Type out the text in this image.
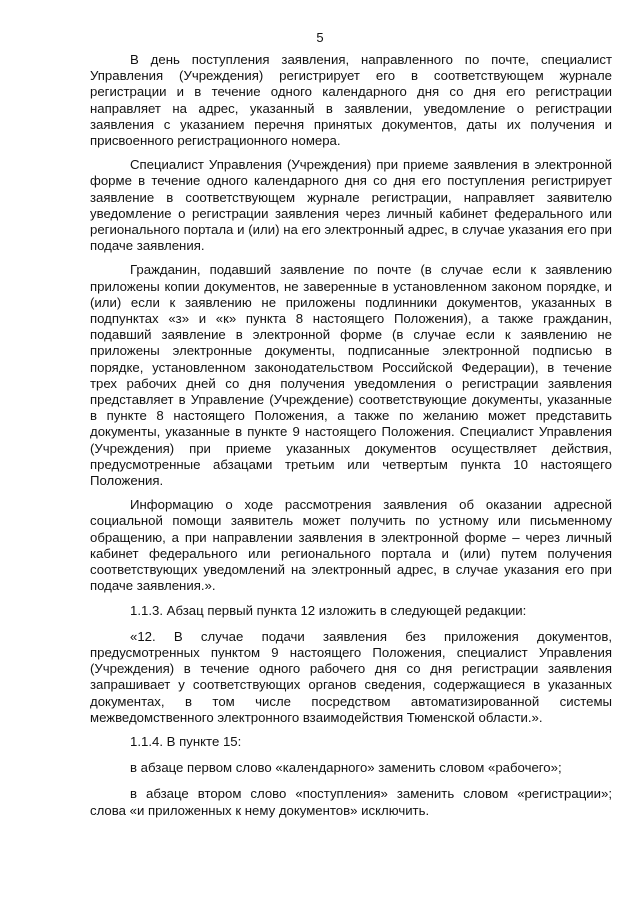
5

В день поступления заявления, направленного по почте, специалист Управления (Учреждения) регистрирует его в соответствующем журнале регистрации и в течение одного календарного дня со дня его регистрации направляет на адрес, указанный в заявлении, уведомление о регистрации заявления с указанием перечня принятых документов, даты их получения и присвоенного регистрационного номера.

Специалист Управления (Учреждения) при приеме заявления в электронной форме в течение одного календарного дня со дня его поступления регистрирует заявление в соответствующем журнале регистрации, направляет заявителю уведомление о регистрации заявления через личный кабинет федерального или регионального портала и (или) на его электронный адрес, в случае указания его при подаче заявления.

Гражданин, подавший заявление по почте (в случае если к заявлению приложены копии документов, не заверенные в установленном законом порядке, и (или) если к заявлению не приложены подлинники документов, указанных в подпунктах «з» и «к» пункта 8 настоящего Положения), а также гражданин, подавший заявление в электронной форме (в случае если к заявлению не приложены электронные документы, подписанные электронной подписью в порядке, установленном законодательством Российской Федерации), в течение трех рабочих дней со дня получения уведомления о регистрации заявления представляет в Управление (Учреждение) соответствующие документы, указанные в пункте 8 настоящего Положения, а также по желанию может представить документы, указанные в пункте 9 настоящего Положения. Специалист Управления (Учреждения) при приеме указанных документов осуществляет действия, предусмотренные абзацами третьим или четвертым пункта 10 настоящего Положения.

Информацию о ходе рассмотрения заявления об оказании адресной социальной помощи заявитель может получить по устному или письменному обращению, а при направлении заявления в электронной форме – через личный кабинет федерального или регионального портала и (или) путем получения соответствующих уведомлений на электронный адрес, в случае указания его при подаче заявления.».

1.1.3. Абзац первый пункта 12 изложить в следующей редакции:

«12. В случае подачи заявления без приложения документов, предусмотренных пунктом 9 настоящего Положения, специалист Управления (Учреждения) в течение одного рабочего дня со дня регистрации заявления запрашивает у соответствующих органов сведения, содержащиеся в указанных документах, в том числе посредством автоматизированной системы межведомственного электронного взаимодействия Тюменской области.».

1.1.4. В пункте 15:

в абзаце первом слово «календарного» заменить словом «рабочего»;

в абзаце втором слово «поступления» заменить словом «регистрации»; слова «и приложенных к нему документов» исключить.
